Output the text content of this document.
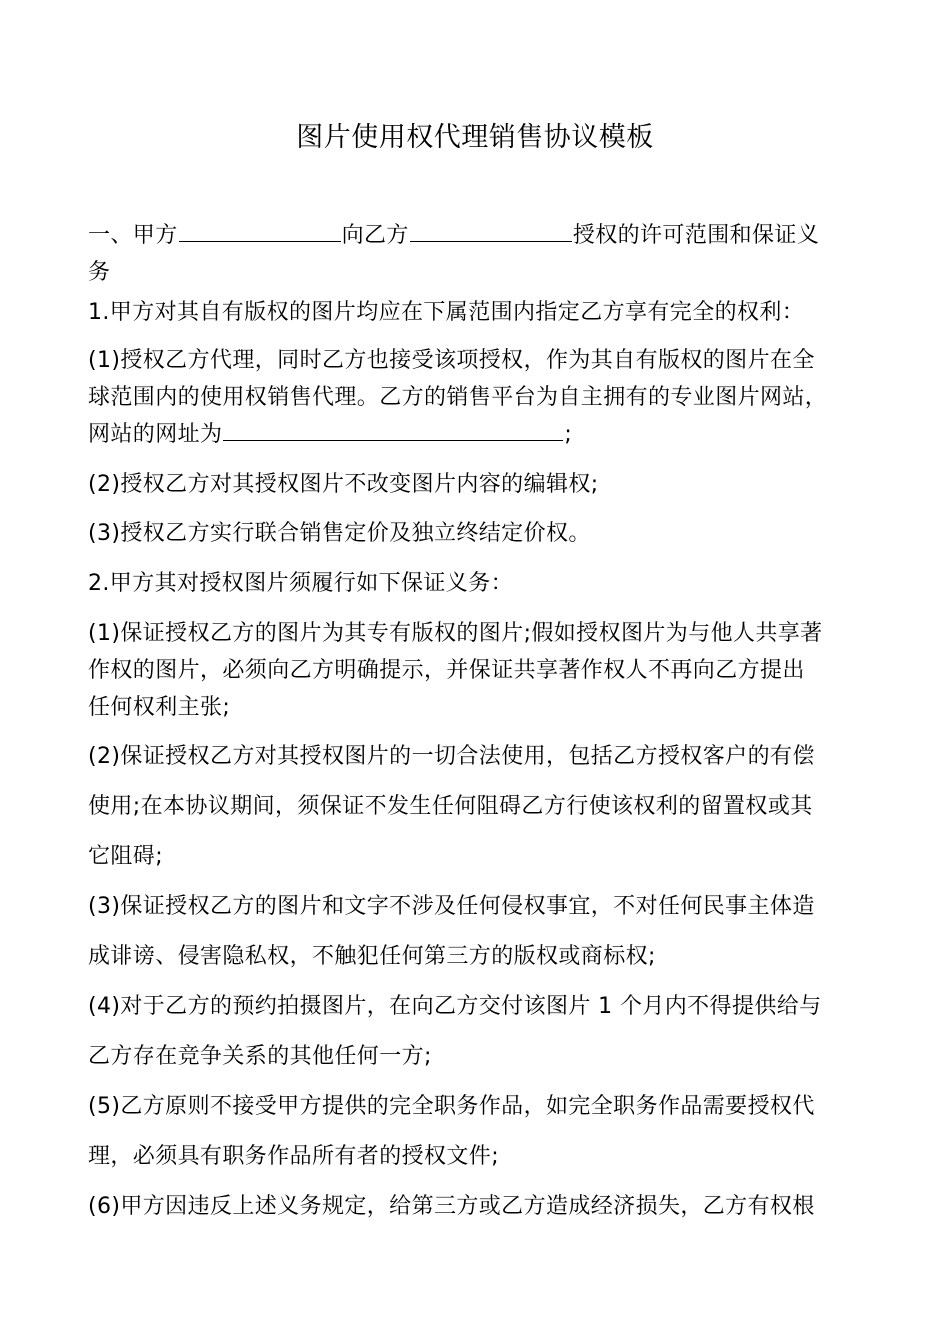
图片使用权代理销售协议模板
一、甲方	向乙方	授权的许可范围和保证义
务
1.甲方对其自有版权的图片均应在下属范围内指定乙方享有完全的权利：
(1)授权乙方代理，同时乙方也接受该项授权，作为其自有版权的图片在全
球范围内的使用权销售代理。乙方的销售平台为自主拥有的专业图片网站，
网站的网址为	;
(2)授权乙方对其授权图片不改变图片内容的编辑权;
(3)授权乙方实行联合销售定价及独立终结定价权。
2.甲方其对授权图片须履行如下保证义务：
(1)保证授权乙方的图片为其专有版权的图片;假如授权图片为与他人共享著
作权的图片，必须向乙方明确提示，并保证共享著作权人不再向乙方提出
任何权利主张;
(2)保证授权乙方对其授权图片的一切合法使用，包括乙方授权客户的有偿
使用;在本协议期间，须保证不发生任何阻碍乙方行使该权利的留置权或其
它阻碍;
(3)保证授权乙方的图片和文字不涉及任何侵权事宜，不对任何民事主体造
成诽谤、侵害隐私权，不触犯任何第三方的版权或商标权;
(4)对于乙方的预约拍摄图片，在向乙方交付该图片 1 个月内不得提供给与
乙方存在竞争关系的其他任何一方;
(5)乙方原则不接受甲方提供的完全职务作品，如完全职务作品需要授权代
理，必须具有职务作品所有者的授权文件;
(6)甲方因违反上述义务规定，给第三方或乙方造成经济损失，乙方有权根
